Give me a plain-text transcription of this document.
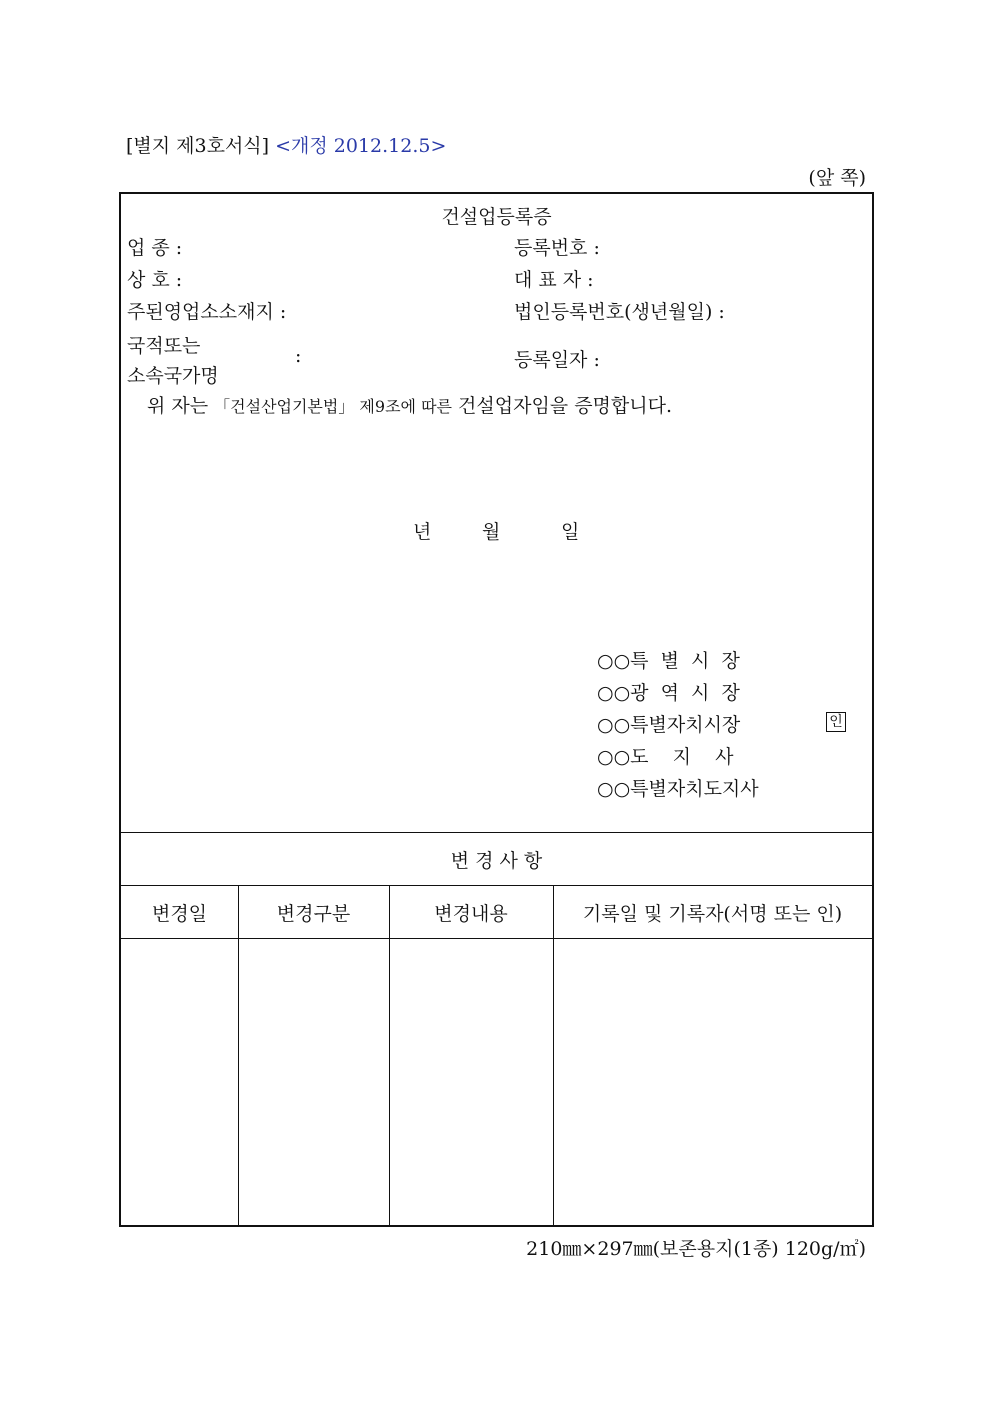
[별지 제3호서식] <개정 2012.12.5>
(앞 쪽)
건설업등록증
업 종 :	등록번호 :
상 호 :	대 표 자 :
주된영업소소재지 :	법인등록번호(생년월일) :
국적또는
소속국가명
:	등록일자 :
위 자는 「건설산업기본법」 제9조에 따른 건설업자임을 증명합니다.
년	월	일
○○특  별  시  장
○○광  역  시  장
○○특별자치시장
○○도    지    사
○○특별자치도지사
인
변 경 사 항
변경일	변경구분	변경내용	기록일 및 기록자(서명 또는 인)
210㎜×297㎜(보존용지(1종) 120g/㎡)
